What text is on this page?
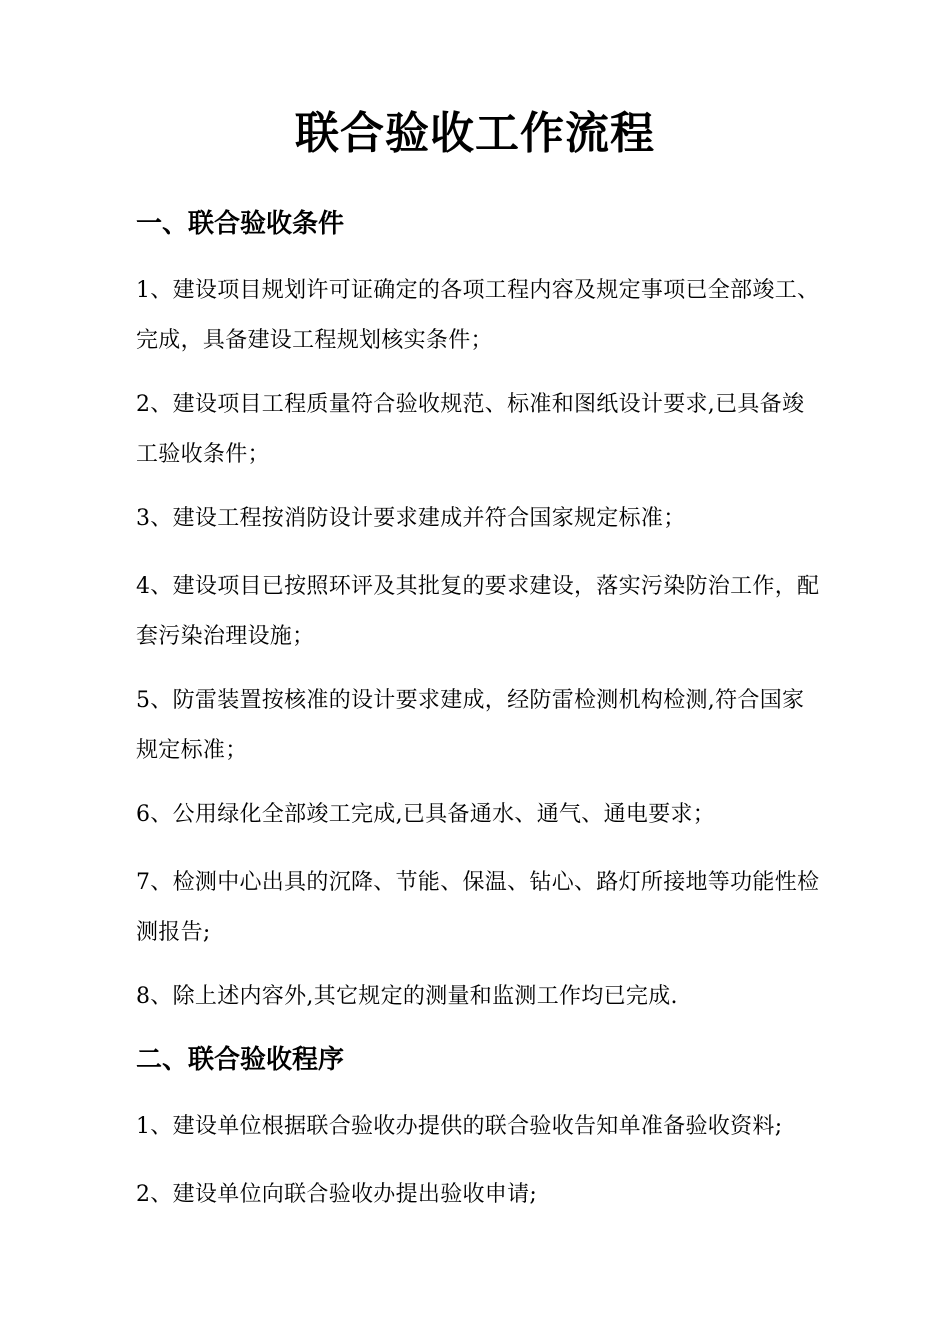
联合验收工作流程
一、联合验收条件

1、建设项目规划许可证确定的各项工程内容及规定事项已全部竣工、完成，具备建设工程规划核实条件；

2、建设项目工程质量符合验收规范、标准和图纸设计要求,已具备竣工验收条件；

3、建设工程按消防设计要求建成并符合国家规定标准；

4、建设项目已按照环评及其批复的要求建设，落实污染防治工作，配套污染治理设施；

5、防雷装置按核准的设计要求建成，经防雷检测机构检测,符合国家规定标准；

6、公用绿化全部竣工完成,已具备通水、通气、通电要求；

7、检测中心出具的沉降、节能、保温、钻心、路灯所接地等功能性检测报告;

8、除上述内容外,其它规定的测量和监测工作均已完成.

二、联合验收程序

1、建设单位根据联合验收办提供的联合验收告知单准备验收资料;

2、建设单位向联合验收办提出验收申请;
